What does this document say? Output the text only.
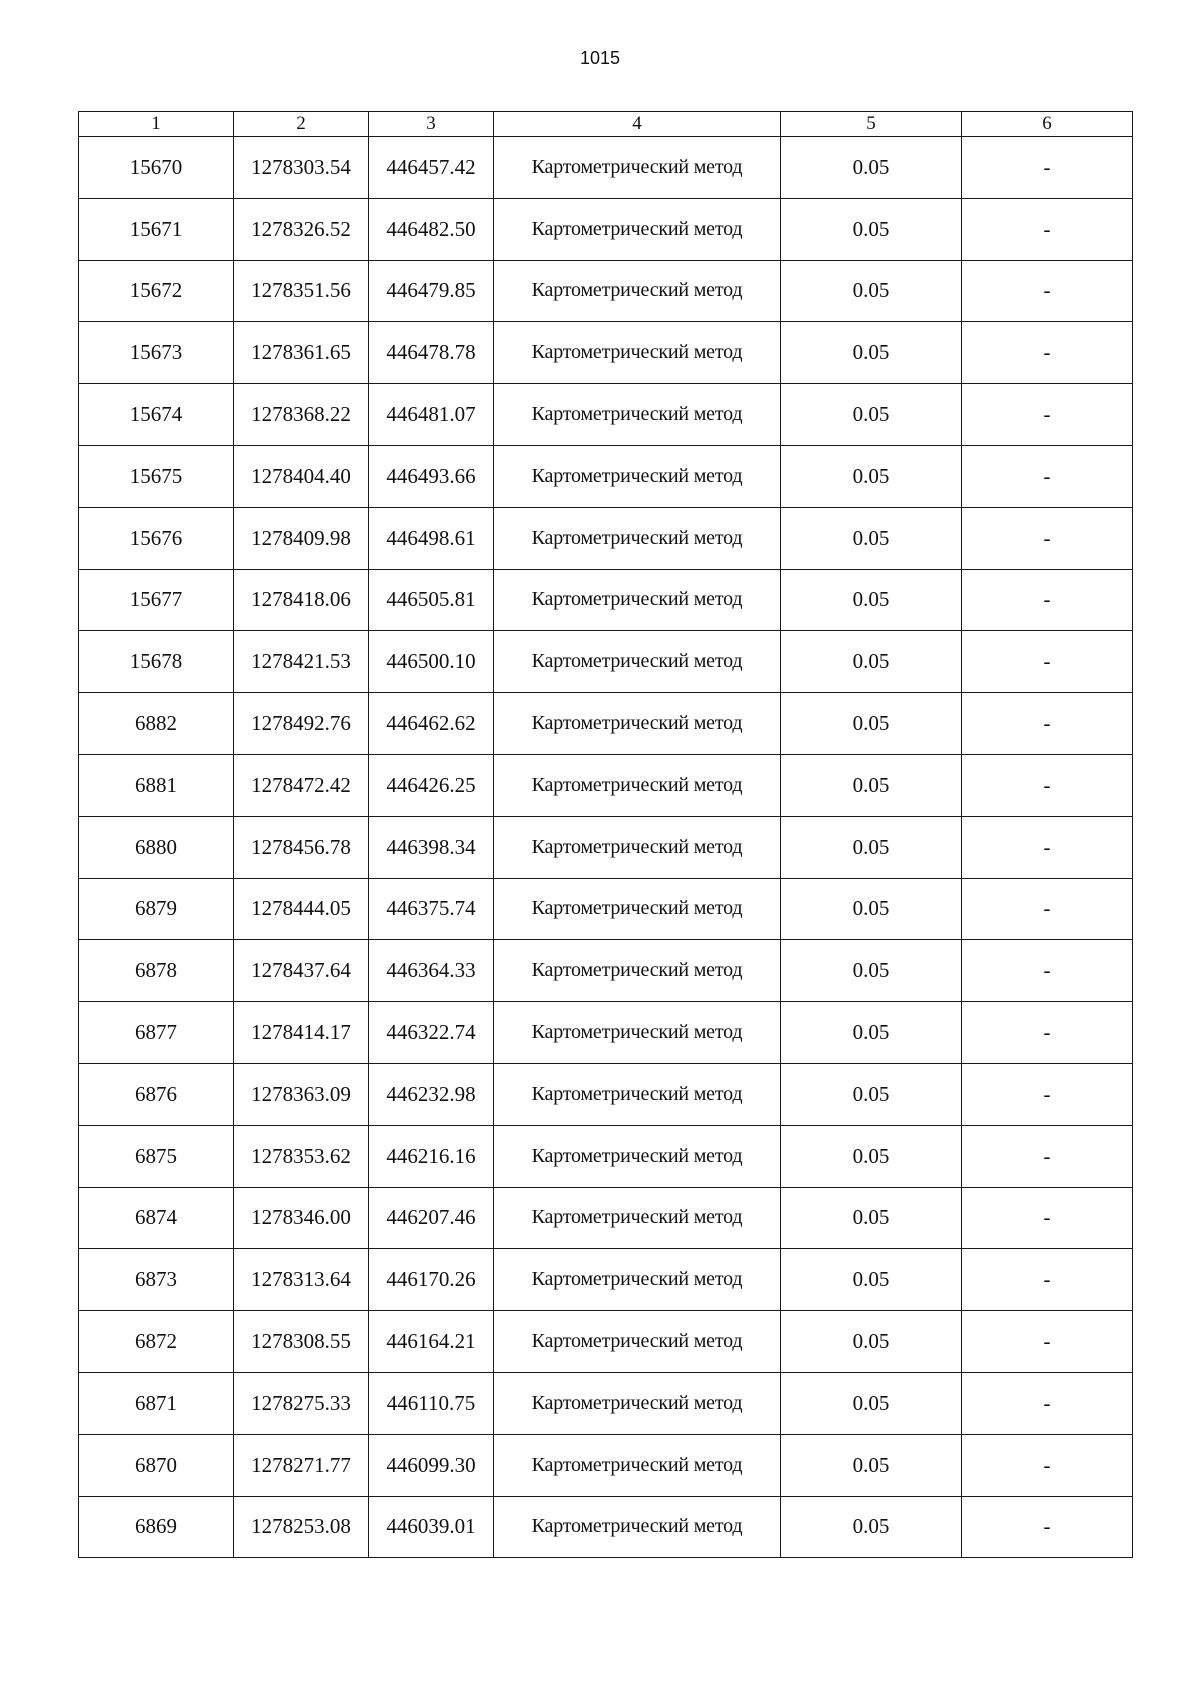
1015
1	2	3	4	5	6
15670	1278303.54	446457.42	Картометрический метод	0.05	-
15671	1278326.52	446482.50	Картометрический метод	0.05	-
15672	1278351.56	446479.85	Картометрический метод	0.05	-
15673	1278361.65	446478.78	Картометрический метод	0.05	-
15674	1278368.22	446481.07	Картометрический метод	0.05	-
15675	1278404.40	446493.66	Картометрический метод	0.05	-
15676	1278409.98	446498.61	Картометрический метод	0.05	-
15677	1278418.06	446505.81	Картометрический метод	0.05	-
15678	1278421.53	446500.10	Картометрический метод	0.05	-
6882	1278492.76	446462.62	Картометрический метод	0.05	-
6881	1278472.42	446426.25	Картометрический метод	0.05	-
6880	1278456.78	446398.34	Картометрический метод	0.05	-
6879	1278444.05	446375.74	Картометрический метод	0.05	-
6878	1278437.64	446364.33	Картометрический метод	0.05	-
6877	1278414.17	446322.74	Картометрический метод	0.05	-
6876	1278363.09	446232.98	Картометрический метод	0.05	-
6875	1278353.62	446216.16	Картометрический метод	0.05	-
6874	1278346.00	446207.46	Картометрический метод	0.05	-
6873	1278313.64	446170.26	Картометрический метод	0.05	-
6872	1278308.55	446164.21	Картометрический метод	0.05	-
6871	1278275.33	446110.75	Картометрический метод	0.05	-
6870	1278271.77	446099.30	Картометрический метод	0.05	-
6869	1278253.08	446039.01	Картометрический метод	0.05	-
